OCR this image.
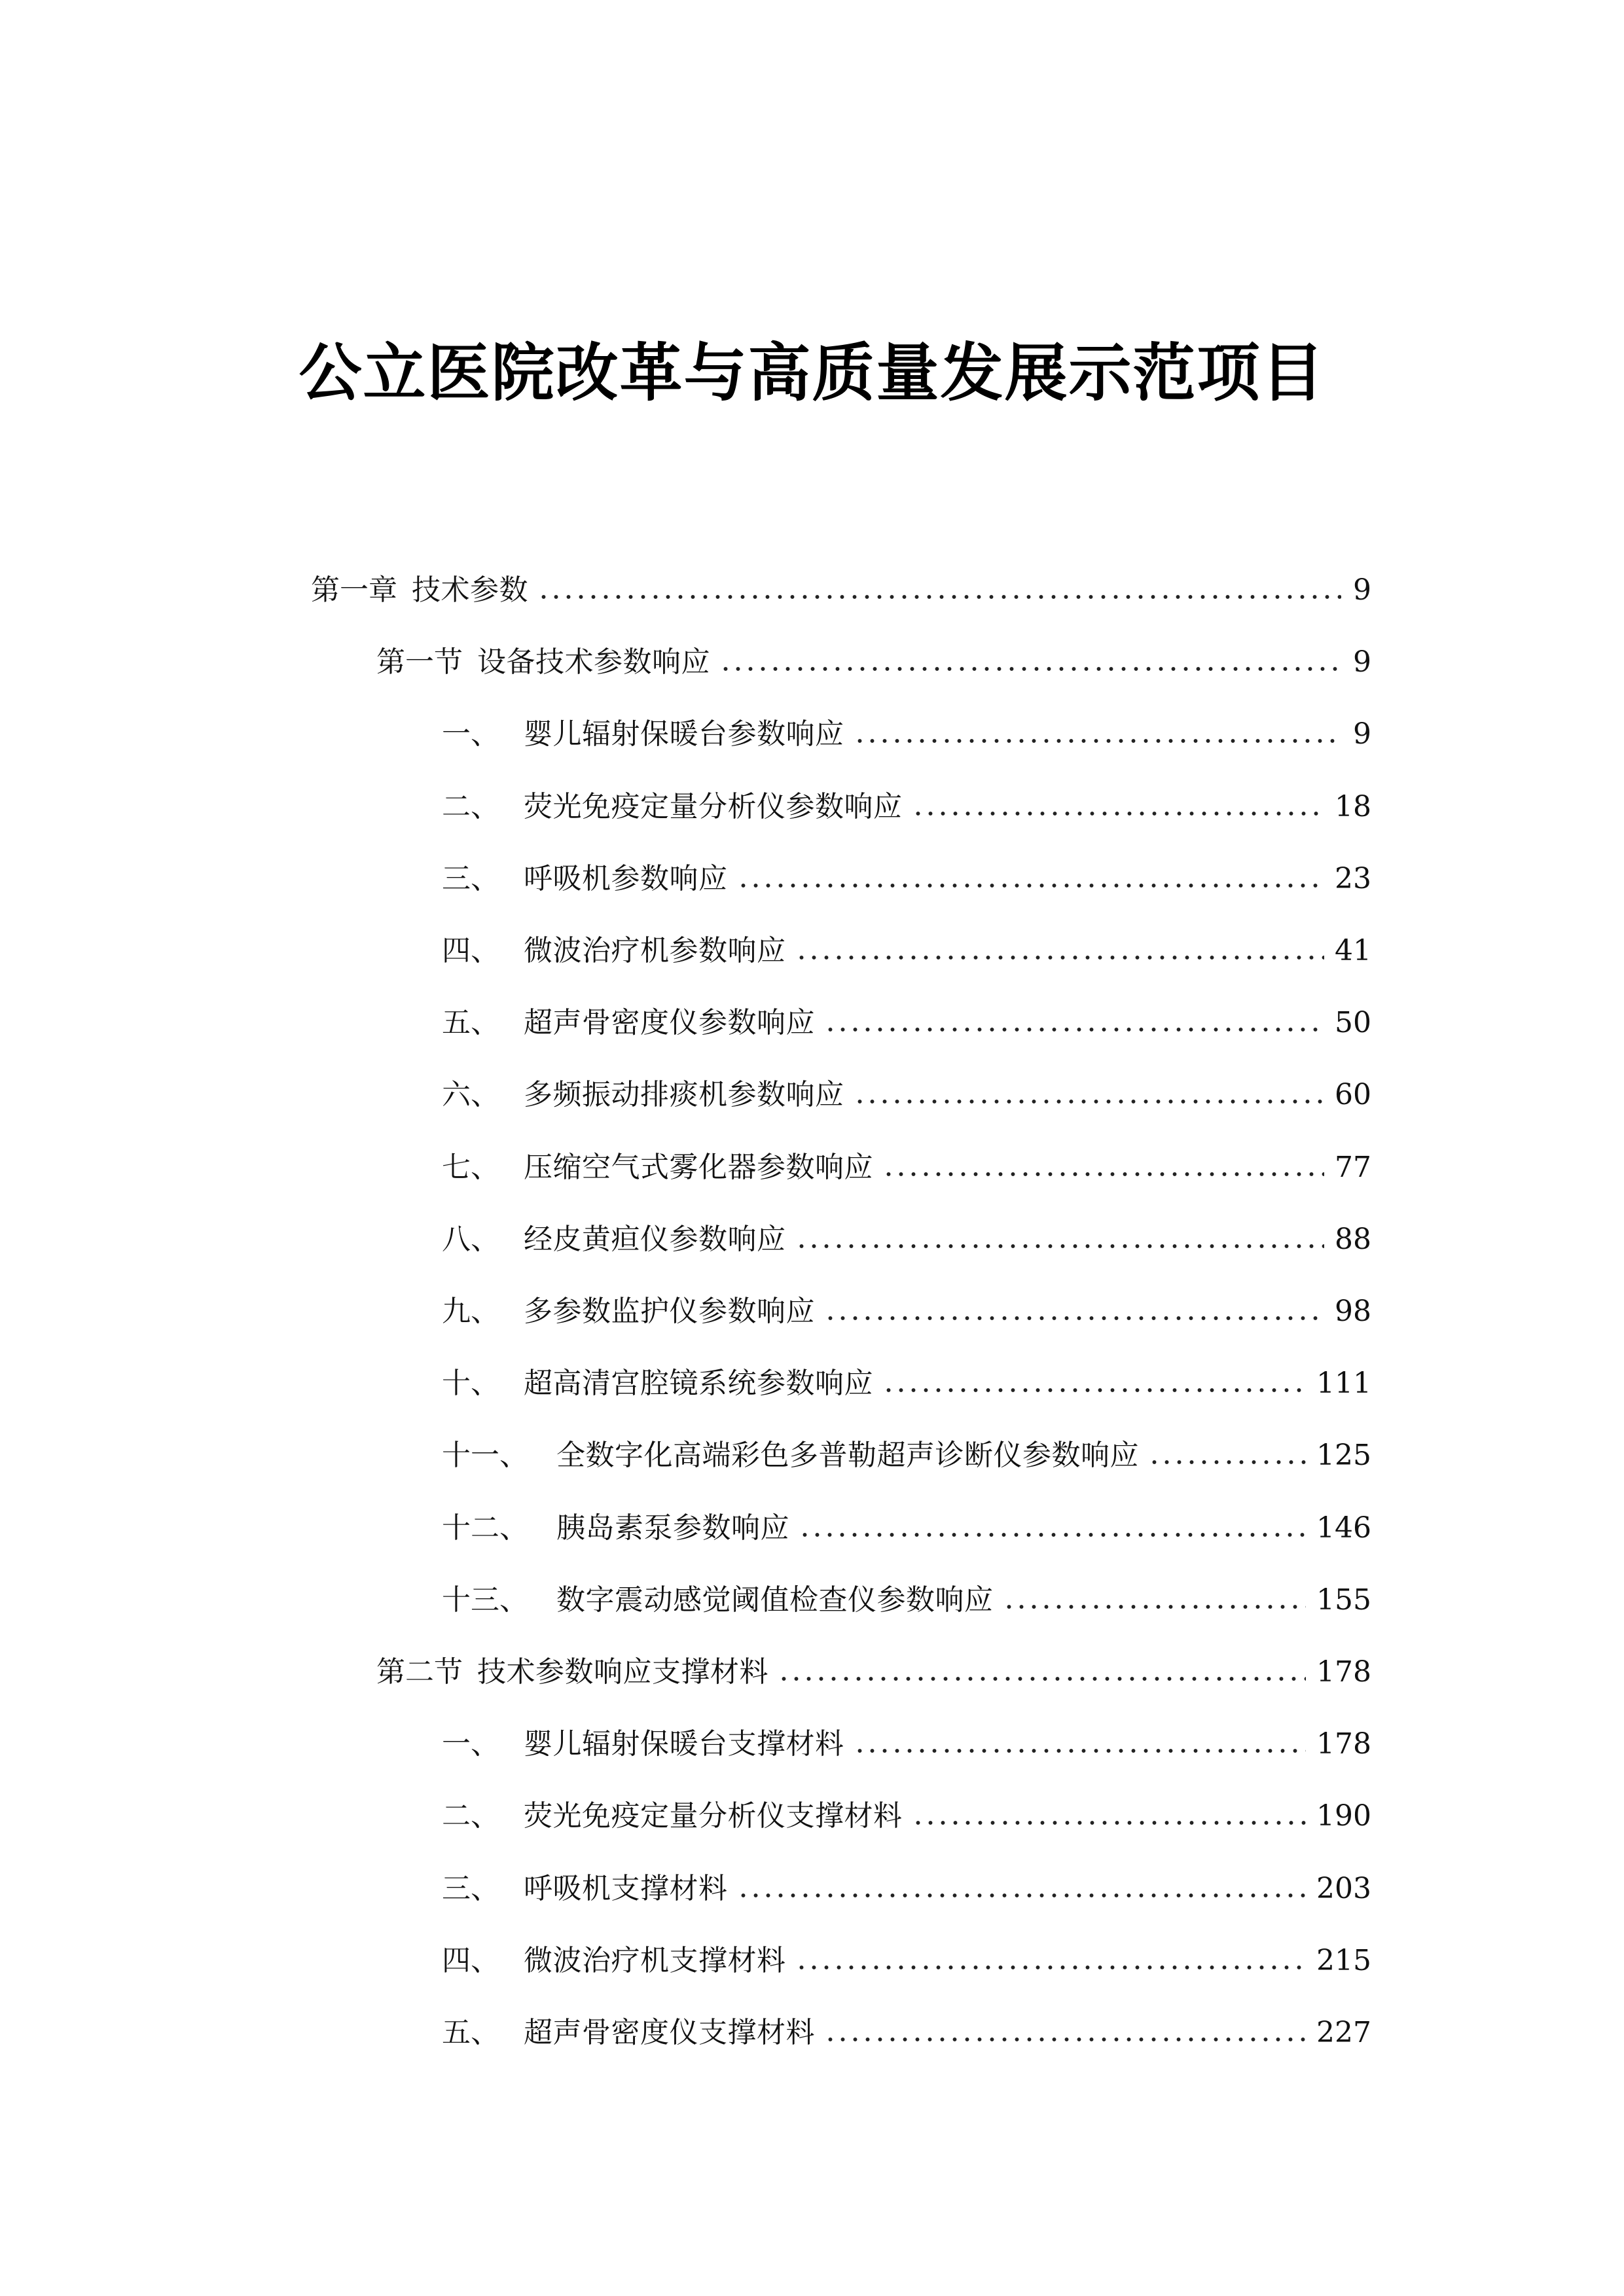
公立医院改革与高质量发展示范项目
第一章 技术参数	9
第一节 设备技术参数响应	9
一、 婴儿辐射保暖台参数响应	9
二、 荧光免疫定量分析仪参数响应	18
三、 呼吸机参数响应	23
四、 微波治疗机参数响应	41
五、 超声骨密度仪参数响应	50
六、 多频振动排痰机参数响应	60
七、 压缩空气式雾化器参数响应	77
八、 经皮黄疸仪参数响应	88
九、 多参数监护仪参数响应	98
十、 超高清宫腔镜系统参数响应	111
十一、 全数字化高端彩色多普勒超声诊断仪参数响应	125
十二、 胰岛素泵参数响应	146
十三、 数字震动感觉阈值检查仪参数响应	155
第二节 技术参数响应支撑材料	178
一、 婴儿辐射保暖台支撑材料	178
二、 荧光免疫定量分析仪支撑材料	190
三、 呼吸机支撑材料	203
四、 微波治疗机支撑材料	215
五、 超声骨密度仪支撑材料	227
